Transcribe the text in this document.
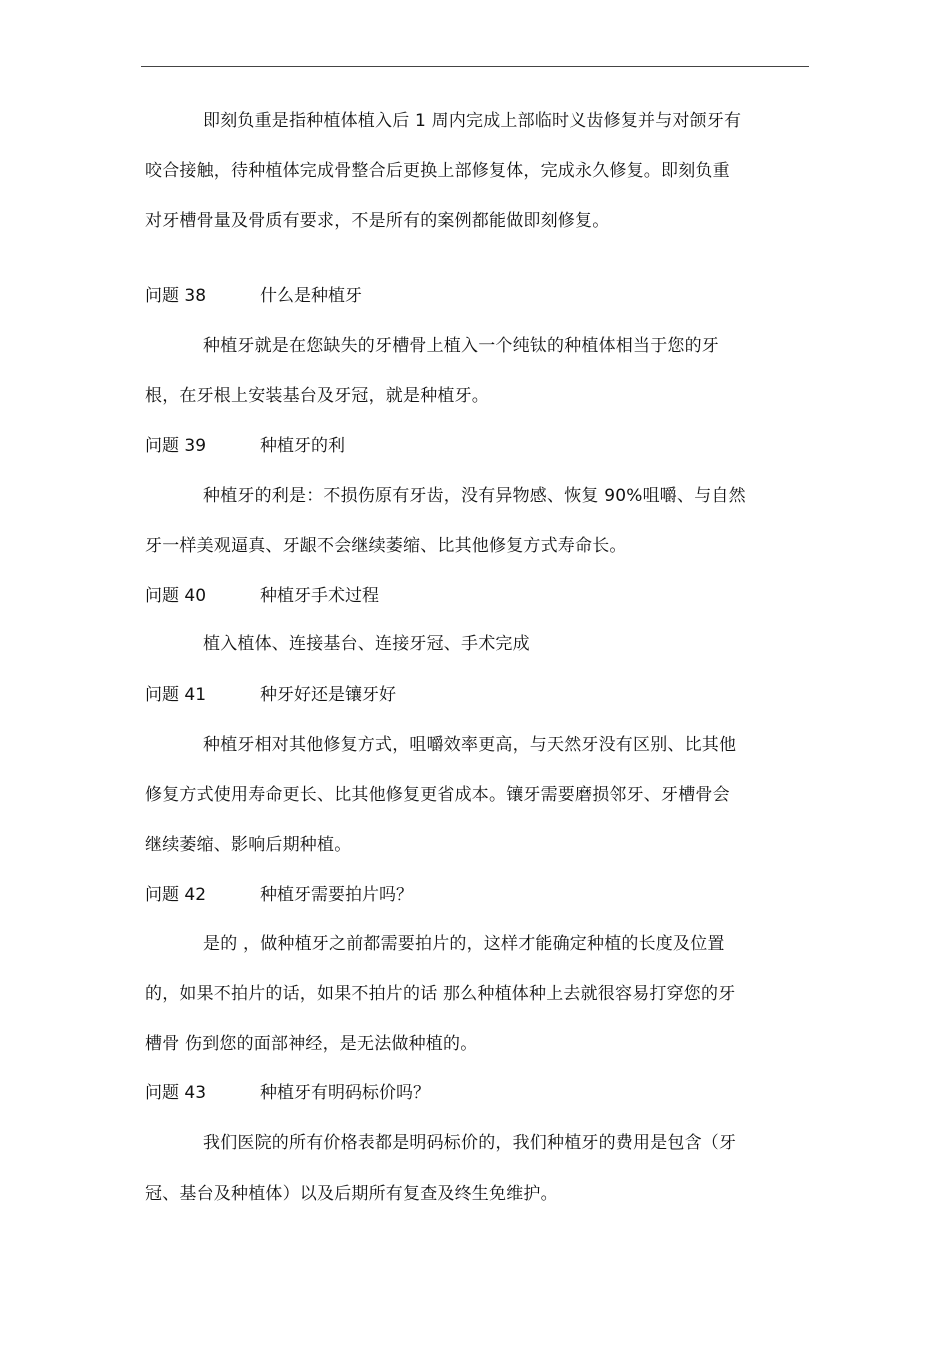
即刻负重是指种植体植入后 1 周内完成上部临时义齿修复并与对颌牙有
咬合接触，待种植体完成骨整合后更换上部修复体，完成永久修复。即刻负重
对牙槽骨量及骨质有要求，不是所有的案例都能做即刻修复。
问题 38	什么是种植牙
种植牙就是在您缺失的牙槽骨上植入一个纯钛的种植体相当于您的牙
根，在牙根上安装基台及牙冠，就是种植牙。
问题 39	种植牙的利
种植牙的利是：不损伤原有牙齿，没有异物感、恢复 90%咀嚼、与自然
牙一样美观逼真、牙龈不会继续萎缩、比其他修复方式寿命长。
问题 40	种植牙手术过程
植入植体、连接基台、连接牙冠、手术完成
问题 41	种牙好还是镶牙好
种植牙相对其他修复方式，咀嚼效率更高，与天然牙没有区别、比其他
修复方式使用寿命更长、比其他修复更省成本。镶牙需要磨损邻牙、牙槽骨会
继续萎缩、影响后期种植。
问题 42	种植牙需要拍片吗？
是的 ，做种植牙之前都需要拍片的，这样才能确定种植的长度及位置
的，如果不拍片的话，如果不拍片的话 那么种植体种上去就很容易打穿您的牙
槽骨 伤到您的面部神经，是无法做种植的。
问题 43	种植牙有明码标价吗？
我们医院的所有价格表都是明码标价的，我们种植牙的费用是包含（牙
冠、基台及种植体）以及后期所有复查及终生免维护。
